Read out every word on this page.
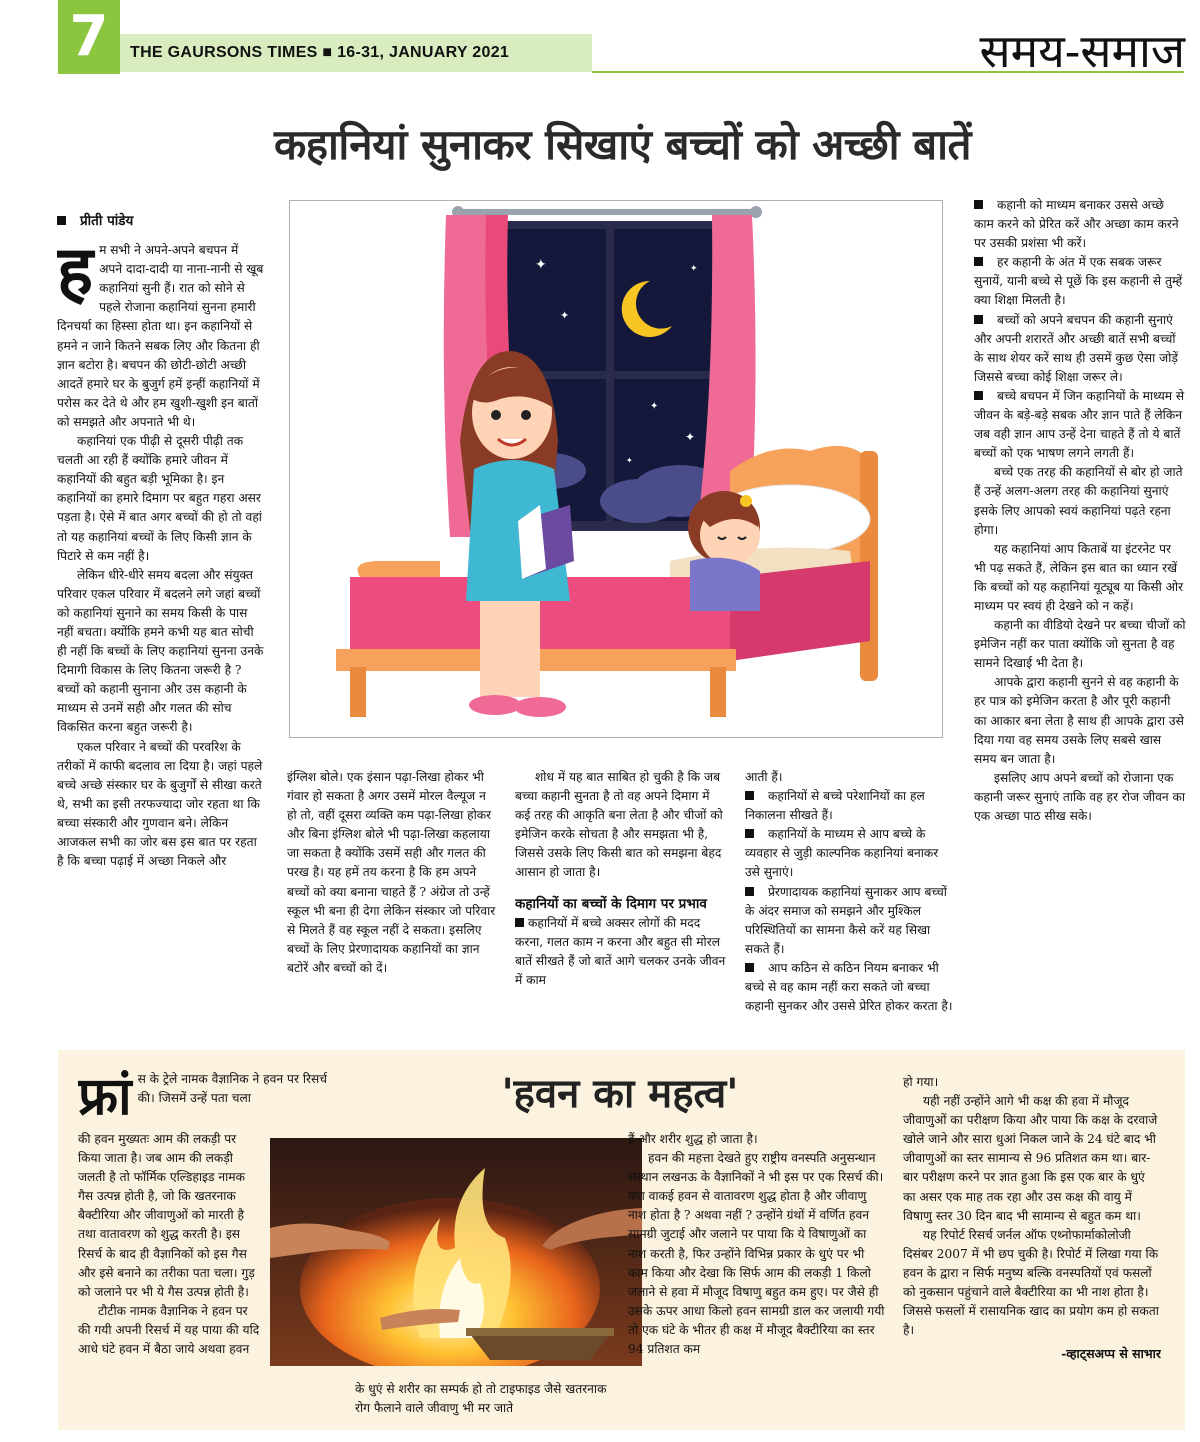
7	THE GAURSONS TIMES ■ 16-31, JANUARY 2021	समय-समाज
कहानियां सुनाकर सिखाएं बच्चों को अच्छी बातें
प्रीती पांडेय

हम सभी ने अपने-अपने बचपन में अपने दादा-दादी या नाना-नानी से खूब कहानियां सुनी हैं। रात को सोने से पहले रोजाना कहानियां सुनना हमारी दिनचर्या का हिस्सा होता था। इन कहानियों से हमने न जाने कितने सबक लिए और कितना ही ज्ञान बटोरा है। बचपन की छोटी-छोटी अच्छी आदतें हमारे घर के बुजुर्ग हमें इन्हीं कहानियों में परोस कर देते थे और हम खुशी-खुशी इन बातों को समझते और अपनाते भी थे।

कहानियां एक पीढ़ी से दूसरी पीढ़ी तक चलती आ रही हैं क्योंकि हमारे जीवन में कहानियों की बहुत बड़ी भूमिका है। इन कहानियों का हमारे दिमाग पर बहुत गहरा असर पड़ता है। ऐसे में बात अगर बच्चों की हो तो वहां तो यह कहानियां बच्चों के लिए किसी ज्ञान के पिटारे से कम नहीं है।

लेकिन धीरे-धीरे समय बदला और संयुक्त परिवार एकल परिवार में बदलने लगे जहां बच्चों को कहानियां सुनाने का समय किसी के पास नहीं बचता। क्योंकि हमने कभी यह बात सोची ही नहीं कि बच्चों के लिए कहानियां सुनना उनके दिमागी विकास के लिए कितना जरूरी है ? बच्चों को कहानी सुनाना और उस कहानी के माध्यम से उनमें सही और गलत की सोच विकसित करना बहुत जरूरी है।

एकल परिवार ने बच्चों की परवरिश के तरीकों में काफी बदलाव ला दिया है। जहां पहले बच्चे अच्छे संस्कार घर के बुजुर्गों से सीखा करते थे, सभी का इसी तरफज्यादा जोर रहता था कि बच्चा संस्कारी और गुणवान बने। लेकिन आजकल सभी का जोर बस इस बात पर रहता है कि बच्चा पढ़ाई में अच्छा निकले और

✦
✦
✦
✦
✦
✦

इंग्लिश बोले। एक इंसान पढ़ा-लिखा होकर भी गंवार हो सकता है अगर उसमें मोरल वैल्यूज न हो तो, वहीं दूसरा व्यक्ति कम पढ़ा-लिखा होकर और बिना इंग्लिश बोले भी पढ़ा-लिखा कहलाया जा सकता है क्योंकि उसमें सही और गलत की परख है। यह हमें तय करना है कि हम अपने बच्चों को क्या बनाना चाहते हैं ? अंग्रेज तो उन्हें स्कूल भी बना ही देगा लेकिन संस्कार जो परिवार से मिलते हैं वह स्कूल नहीं दे सकता। इसलिए बच्चों के लिए प्रेरणादायक कहानियों का ज्ञान बटोरें और बच्चों को दें।

शोध में यह बात साबित हो चुकी है कि जब बच्चा कहानी सुनता है तो वह अपने दिमाग में कई तरह की आकृति बना लेता है और चीजों को इमेजिन करके सोचता है और समझता भी है, जिससे उसके लिए किसी बात को समझना बेहद आसान हो जाता है।

कहानियों का बच्चों के दिमाग पर प्रभाव

कहानियों में बच्चे अक्सर लोगों की मदद करना, गलत काम न करना और बहुत सी मोरल बातें सीखते हैं जो बातें आगे चलकर उनके जीवन में काम

आती हैं।

कहानियों से बच्चे परेशानियों का हल निकालना सीखते हैं।

कहानियों के माध्यम से आप बच्चे के व्यवहार से जुड़ी काल्पनिक कहानियां बनाकर उसे सुनाएं।

प्रेरणादायक कहानियां सुनाकर आप बच्चों के अंदर समाज को समझने और मुश्किल परिस्थितियों का सामना कैसे करें यह सिखा सकते हैं।

आप कठिन से कठिन नियम बनाकर भी बच्चे से वह काम नहीं करा सकते जो बच्चा कहानी सुनकर और उससे प्रेरित होकर करता है।

कहानी को माध्यम बनाकर उससे अच्छे काम करने को प्रेरित करें और अच्छा काम करने पर उसकी प्रशंसा भी करें।

हर कहानी के अंत में एक सबक जरूर सुनायें, यानी बच्चे से पूछें कि इस कहानी से तुम्हें क्या शिक्षा मिलती है।

बच्चों को अपने बचपन की कहानी सुनाएं और अपनी शरारतें और अच्छी बातें सभी बच्चों के साथ शेयर करें साथ ही उसमें कुछ ऐसा जोड़ें जिससे बच्चा कोई शिक्षा जरूर ले।

बच्चे बचपन में जिन कहानियों के माध्यम से जीवन के बड़े-बड़े सबक और ज्ञान पाते हैं लेकिन जब वही ज्ञान आप उन्हें देना चाहते हैं तो ये बातें बच्चों को एक भाषण लगने लगती हैं।

बच्चे एक तरह की कहानियों से बोर हो जाते हैं उन्हें अलग-अलग तरह की कहानियां सुनाएं इसके लिए आपको स्वयं कहानियां पढ़ते रहना होगा।

यह कहानियां आप किताबें या इंटरनेट पर भी पढ़ सकते हैं, लेकिन इस बात का ध्यान रखें कि बच्चों को यह कहानियां यूट्यूब या किसी ओर माध्यम पर स्वयं ही देखने को न कहें।

कहानी का वीडियो देखने पर बच्चा चीजों को इमेजिन नहीं कर पाता क्योंकि जो सुनता है वह सामने दिखाई भी देता है।

आपके द्वारा कहानी सुनने से वह कहानी के हर पात्र को इमेजिन करता है और पूरी कहानी का आकार बना लेता है साथ ही आपके द्वारा उसे दिया गया वह समय उसके लिए सबसे खास समय बन जाता है।

इसलिए आप अपने बच्चों को रोजाना एक कहानी जरूर सुनाएं ताकि वह हर रोज जीवन का एक अच्छा पाठ सीख सके।

'हवन का महत्व'

फ्रां स के ट्रेले नामक वैज्ञानिक ने हवन पर रिसर्च की। जिसमें उन्हें पता चला

की हवन मुख्यतः आम की लकड़ी पर किया जाता है। जब आम की लकड़ी जलती है तो फॉर्मिक एल्डिहाइड नामक गैस उत्पन्न होती है, जो कि खतरनाक बैक्टीरिया और जीवाणुओं को मारती है तथा वातावरण को शुद्ध करती है। इस रिसर्च के बाद ही वैज्ञानिकों को इस गैस और इसे बनाने का तरीका पता चला। गुड़ को जलाने पर भी ये गैस उत्पन्न होती है।

टौटीक नामक वैज्ञानिक ने हवन पर की गयी अपनी रिसर्च में यह पाया की यदि आधे घंटे हवन में बैठा जाये अथवा हवन

के धुएं से शरीर का सम्पर्क हो तो टाइफाइड जैसे खतरनाक रोग फैलाने वाले जीवाणु भी मर जाते

हैं और शरीर शुद्ध हो जाता है।

हवन की महत्ता देखते हुए राष्ट्रीय वनस्पति अनुसन्धान संस्थान लखनऊ के वैज्ञानिकों ने भी इस पर एक रिसर्च की। क्या वाकई हवन से वातावरण शुद्ध होता है और जीवाणु नाश होता है ? अथवा नहीं ? उन्होंने ग्रंथों में वर्णित हवन सामग्री जुटाई और जलाने पर पाया कि ये विषाणुओं का नाश करती है, फिर उन्होंने विभिन्न प्रकार के धुएं पर भी काम किया और देखा कि सिर्फ आम की लकड़ी 1 किलो जलाने से हवा में मौजूद विषाणु बहुत कम हुए। पर जैसे ही उसके ऊपर आधा किलो हवन सामग्री डाल कर जलायी गयी तो एक घंटे के भीतर ही कक्ष में मौजूद बैक्टीरिया का स्तर 94 प्रतिशत कम

हो गया।

यही नहीं उन्होंने आगे भी कक्ष की हवा में मौजूद जीवाणुओं का परीक्षण किया और पाया कि कक्ष के दरवाजे खोले जाने और सारा धुआं निकल जाने के 24 घंटे बाद भी जीवाणुओं का स्तर सामान्य से 96 प्रतिशत कम था। बार-बार परीक्षण करने पर ज्ञात हुआ कि इस एक बार के धुएं का असर एक माह तक रहा और उस कक्ष की वायु में विषाणु स्तर 30 दिन बाद भी सामान्य से बहुत कम था।

यह रिपोर्ट रिसर्च जर्नल ऑफ एथ्नोफार्माकोलोजी दिसंबर 2007 में भी छप चुकी है। रिपोर्ट में लिखा गया कि हवन के द्वारा न सिर्फ मनुष्य बल्कि वनस्पतियों एवं फसलों को नुकसान पहुंचाने वाले बैक्टीरिया का भी नाश होता है। जिससे फसलों में रासायनिक खाद का प्रयोग कम हो सकता है।

-व्हाट्सअप्प से साभार
